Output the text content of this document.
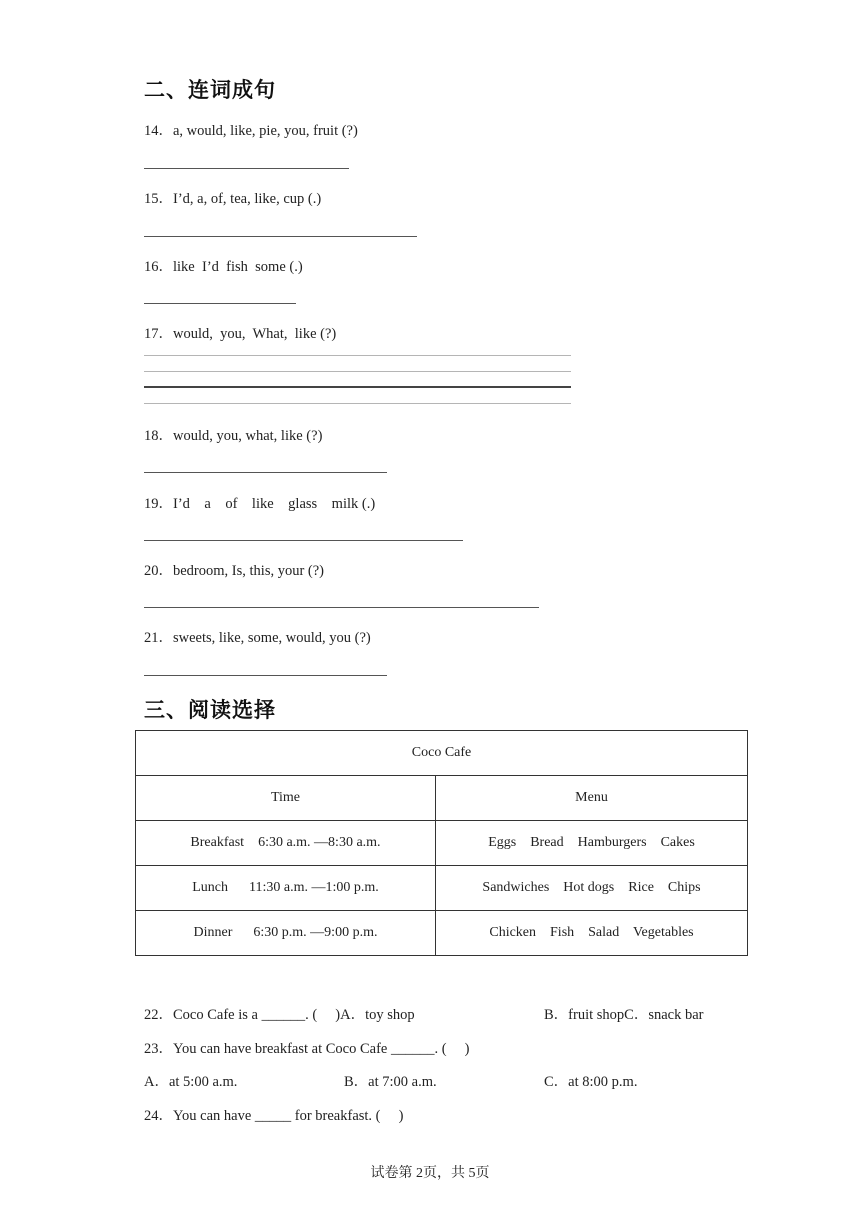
二、连词成句
14．a, would, like, pie, you, fruit (?)
15．I’d, a, of, tea, like, cup (.)
16．like  I’d  fish  some (.)
17．would,  you,  What,  like (?)
18．would, you, what, like (?)
19．I’d    a    of    like    glass    milk (.)
20．bedroom, Is, this, your (?)
21．sweets, like, some, would, you (?)
三、阅读选择
Coco Cafe	
Time	Menu
Breakfast    6:30 a.m. —8:30 a.m.	Eggs    Bread    Hamburgers    Cakes
Lunch      11:30 a.m. —1:00 p.m.	Sandwiches    Hot dogs    Rice    Chips
Dinner      6:30 p.m. —9:00 p.m.	Chicken    Fish    Salad    Vegetables
22．Coco Cafe is a ______. (     )A．toy shop	B．fruit shopC．snack bar
23．You can have breakfast at Coco Cafe ______. (     )
A．at 5:00 a.m.	B．at 7:00 a.m.	C．at 8:00 p.m.
24．You can have _____ for breakfast. (     )
试卷第 2页，共 5页
